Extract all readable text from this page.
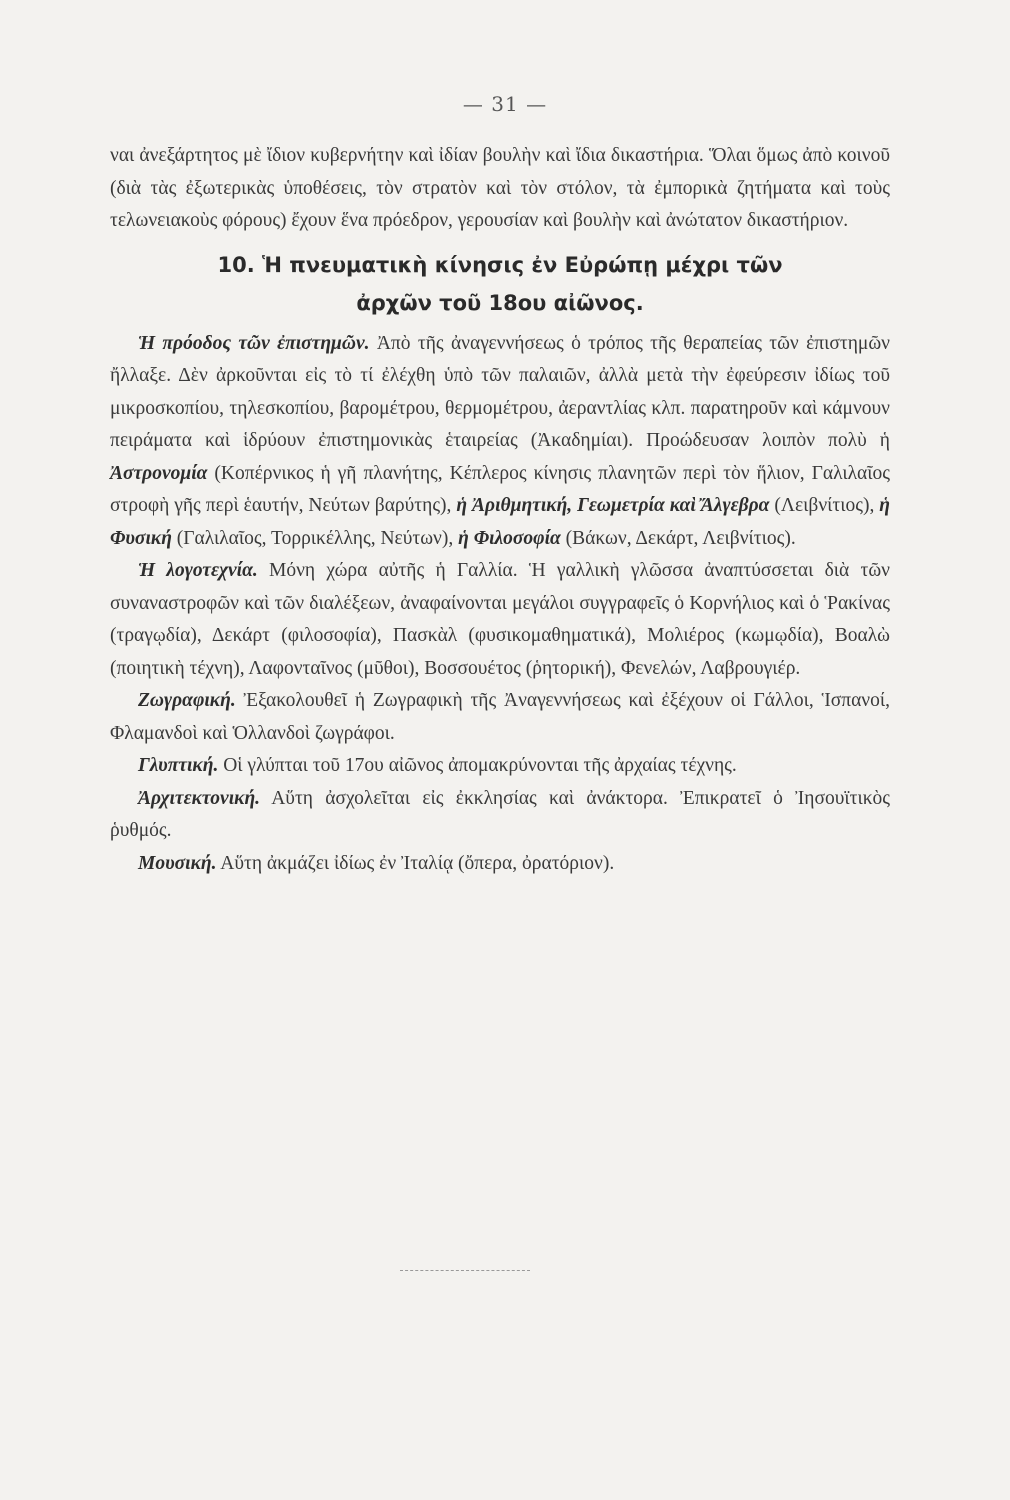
— 31 —

ναι ἀνεξάρτητος μὲ ἴδιον κυβερνήτην καὶ ἰδίαν βουλὴν καὶ ἴδια δικαστήρια. Ὅλαι ὅμως ἀπὸ κοινοῦ (διὰ τὰς ἐξωτερικὰς ὑποθέσεις, τὸν στρατὸν καὶ τὸν στόλον, τὰ ἐμπορικὰ ζητήματα καὶ τοὺς τελωνειακοὺς φόρους) ἔχουν ἕνα πρόεδρον, γερουσίαν καὶ βουλὴν καὶ ἀνώτατον δικαστήριον.

10. Ἡ πνευματικὴ κίνησις ἐν Εὐρώπῃ μέχρι τῶν
ἀρχῶν τοῦ 18ου αἰῶνος.

Ἡ πρόοδος τῶν ἐπιστημῶν. Ἀπὸ τῆς ἀναγεννήσεως ὁ τρόπος τῆς θεραπείας τῶν ἐπιστημῶν ἤλλαξε. Δὲν ἀρκοῦνται εἰς τὸ τί ἐλέχθη ὑπὸ τῶν παλαιῶν, ἀλλὰ μετὰ τὴν ἐφεύρεσιν ἰδίως τοῦ μικροσκοπίου, τηλεσκοπίου, βαρομέτρου, θερμομέτρου, ἀεραντλίας κλπ. παρατηροῦν καὶ κάμνουν πειράματα καὶ ἱδρύουν ἐπιστημονικὰς ἑταιρείας (Ἀκαδημίαι). Προώδευσαν λοιπὸν πολὺ ἡ Ἀστρονομία (Κοπέρνικος ἡ γῆ πλανήτης, Κέπλερος κίνησις πλανητῶν περὶ τὸν ἥλιον, Γαλιλαῖος στροφὴ γῆς περὶ ἑαυτήν, Νεύτων βαρύτης), ἡ Ἀριθμητική, Γεωμετρία καὶ Ἄλγεβρα (Λειβνίτιος), ἡ Φυσική (Γαλιλαῖος, Τορρικέλλης, Νεύτων), ἡ Φιλοσοφία (Βάκων, Δεκάρτ, Λειβνίτιος).

Ἡ λογοτεχνία. Μόνη χώρα αὐτῆς ἡ Γαλλία. Ἡ γαλλικὴ γλῶσσα ἀναπτύσσεται διὰ τῶν συναναστροφῶν καὶ τῶν διαλέξεων, ἀναφαίνονται μεγάλοι συγγραφεῖς ὁ Κορνήλιος καὶ ὁ Ῥακίνας (τραγῳδία), Δεκάρτ (φιλοσοφία), Πασκὰλ (φυσικομαθηματικά), Μολιέρος (κωμῳδία), Βοαλὼ (ποιητικὴ τέχνη), Λαφονταῖνος (μῦθοι), Βοσσουέτος (ῥητορική), Φενελών, Λαβρουγιέρ.

Ζωγραφική. Ἐξακολουθεῖ ἡ Ζωγραφικὴ τῆς Ἀναγεννήσεως καὶ ἐξέχουν οἱ Γάλλοι, Ἱσπανοί, Φλαμανδοὶ καὶ Ὁλλανδοὶ ζωγράφοι.

Γλυπτική. Οἱ γλύπται τοῦ 17ου αἰῶνος ἀπομακρύνονται τῆς ἀρχαίας τέχνης.

Ἀρχιτεκτονική. Αὕτη ἀσχολεῖται εἰς ἐκκλησίας καὶ ἀνάκτορα. Ἐπικρατεῖ ὁ Ἰησουϊτικὸς ῥυθμός.

Μουσική. Αὕτη ἀκμάζει ἰδίως ἐν Ἰταλίᾳ (ὄπερα, ὀρατόριον).
